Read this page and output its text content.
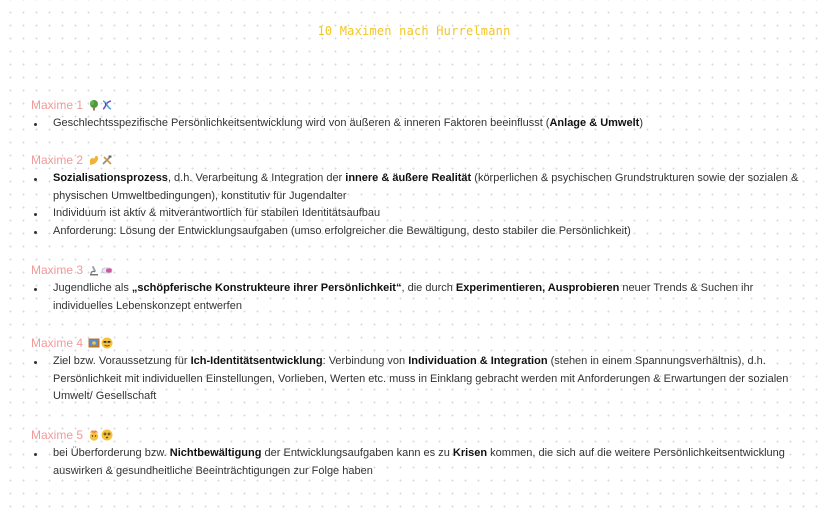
10 Maximen nach Hurrelmann
Maxime 1
Geschlechtsspezifische Persönlichkeitsentwicklung wird von äußeren & inneren Faktoren beeinflusst (Anlage & Umwelt)
Maxime 2
Sozialisationsprozess, d.h. Verarbeitung & Integration der innere & äußere Realität (körperlichen & psychischen Grundstrukturen sowie der sozialen & physischen Umweltbedingungen), konstitutiv für Jugendalter
Individuum ist aktiv & mitverantwortlich für stabilen Identitätsaufbau
Anforderung: Lösung der Entwicklungsaufgaben (umso erfolgreicher die Bewältigung, desto stabiler die Persönlichkeit)
Maxime 3
Jugendliche als „schöpferische Konstrukteure ihrer Persönlichkeit“, die durch Experimentieren, Ausprobieren neuer Trends & Suchen ihr individuelles Lebenskonzept entwerfen
Maxime 4
Ziel bzw. Voraussetzung für Ich-Identitätsentwicklung: Verbindung von Individuation & Integration (stehen in einem Spannungsverhältnis), d.h. Persönlichkeit mit individuellen Einstellungen, Vorlieben, Werten etc. muss in Einklang gebracht werden mit Anforderungen & Erwartungen der sozialen Umwelt/ Gesellschaft
Maxime 5
bei Überforderung bzw. Nichtbewältigung der Entwicklungsaufgaben kann es zu Krisen kommen, die sich auf die weitere Persönlichkeitsentwicklung auswirken & gesundheitliche Beeinträchtigungen zur Folge haben
